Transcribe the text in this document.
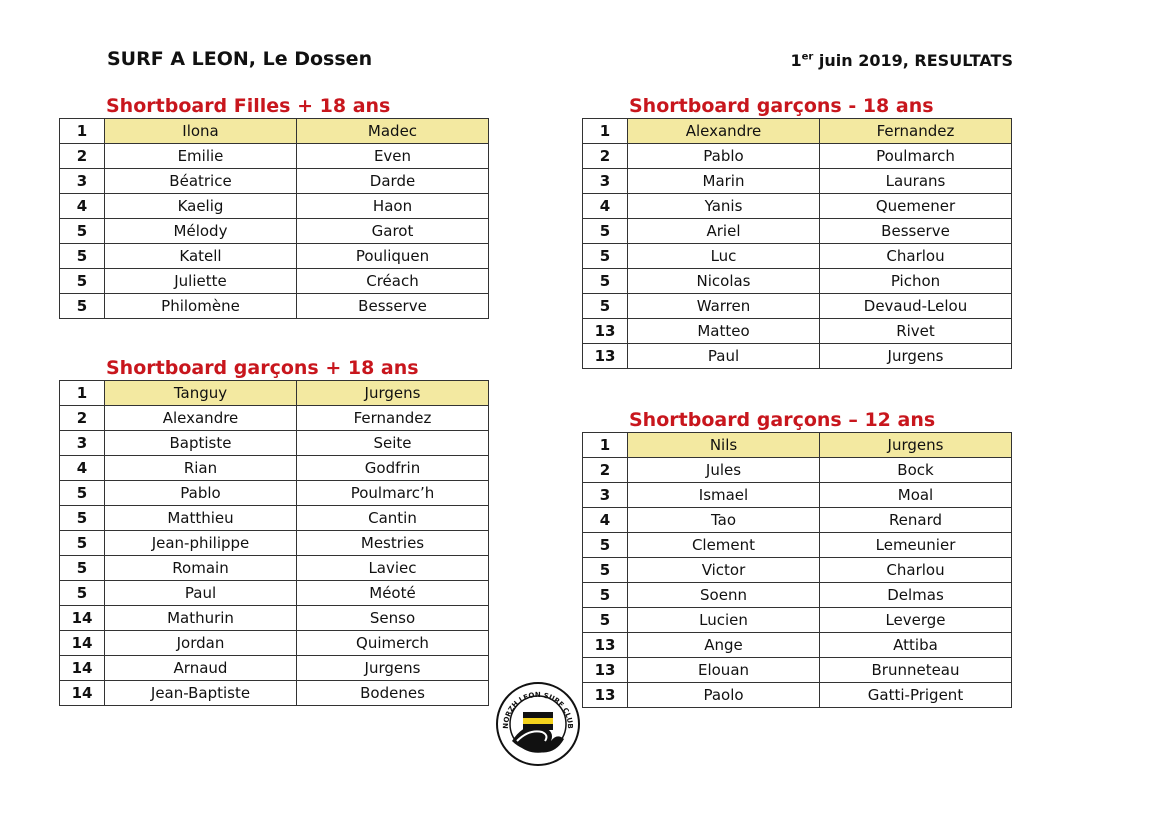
SURF A LEON, Le Dossen	1er juin 2019, RESULTATS
Shortboard Filles + 18 ans
1	Ilona	Madec
2	Emilie	Even
3	Béatrice	Darde
4	Kaelig	Haon
5	Mélody	Garot
5	Katell	Pouliquen
5	Juliette	Créach
5	Philomène	Besserve
Shortboard garçons - 18 ans
1	Alexandre	Fernandez
2	Pablo	Poulmarch
3	Marin	Laurans
4	Yanis	Quemener
5	Ariel	Besserve
5	Luc	Charlou
5	Nicolas	Pichon
5	Warren	Devaud-Lelou
13	Matteo	Rivet
13	Paul	Jurgens
Shortboard garçons + 18 ans
1	Tanguy	Jurgens
2	Alexandre	Fernandez
3	Baptiste	Seite
4	Rian	Godfrin
5	Pablo	Poulmarc’h
5	Matthieu	Cantin
5	Jean-philippe	Mestries
5	Romain	Laviec
5	Paul	Méoté
14	Mathurin	Senso
14	Jordan	Quimerch
14	Arnaud	Jurgens
14	Jean-Baptiste	Bodenes
Shortboard garçons – 12 ans
1	Nils	Jurgens
2	Jules	Bock
3	Ismael	Moal
4	Tao	Renard
5	Clement	Lemeunier
5	Victor	Charlou
5	Soenn	Delmas
5	Lucien	Leverge
13	Ange	Attiba
13	Elouan	Brunneteau
13	Paolo	Gatti-Prigent
NORZH LEON SURF CLUB
